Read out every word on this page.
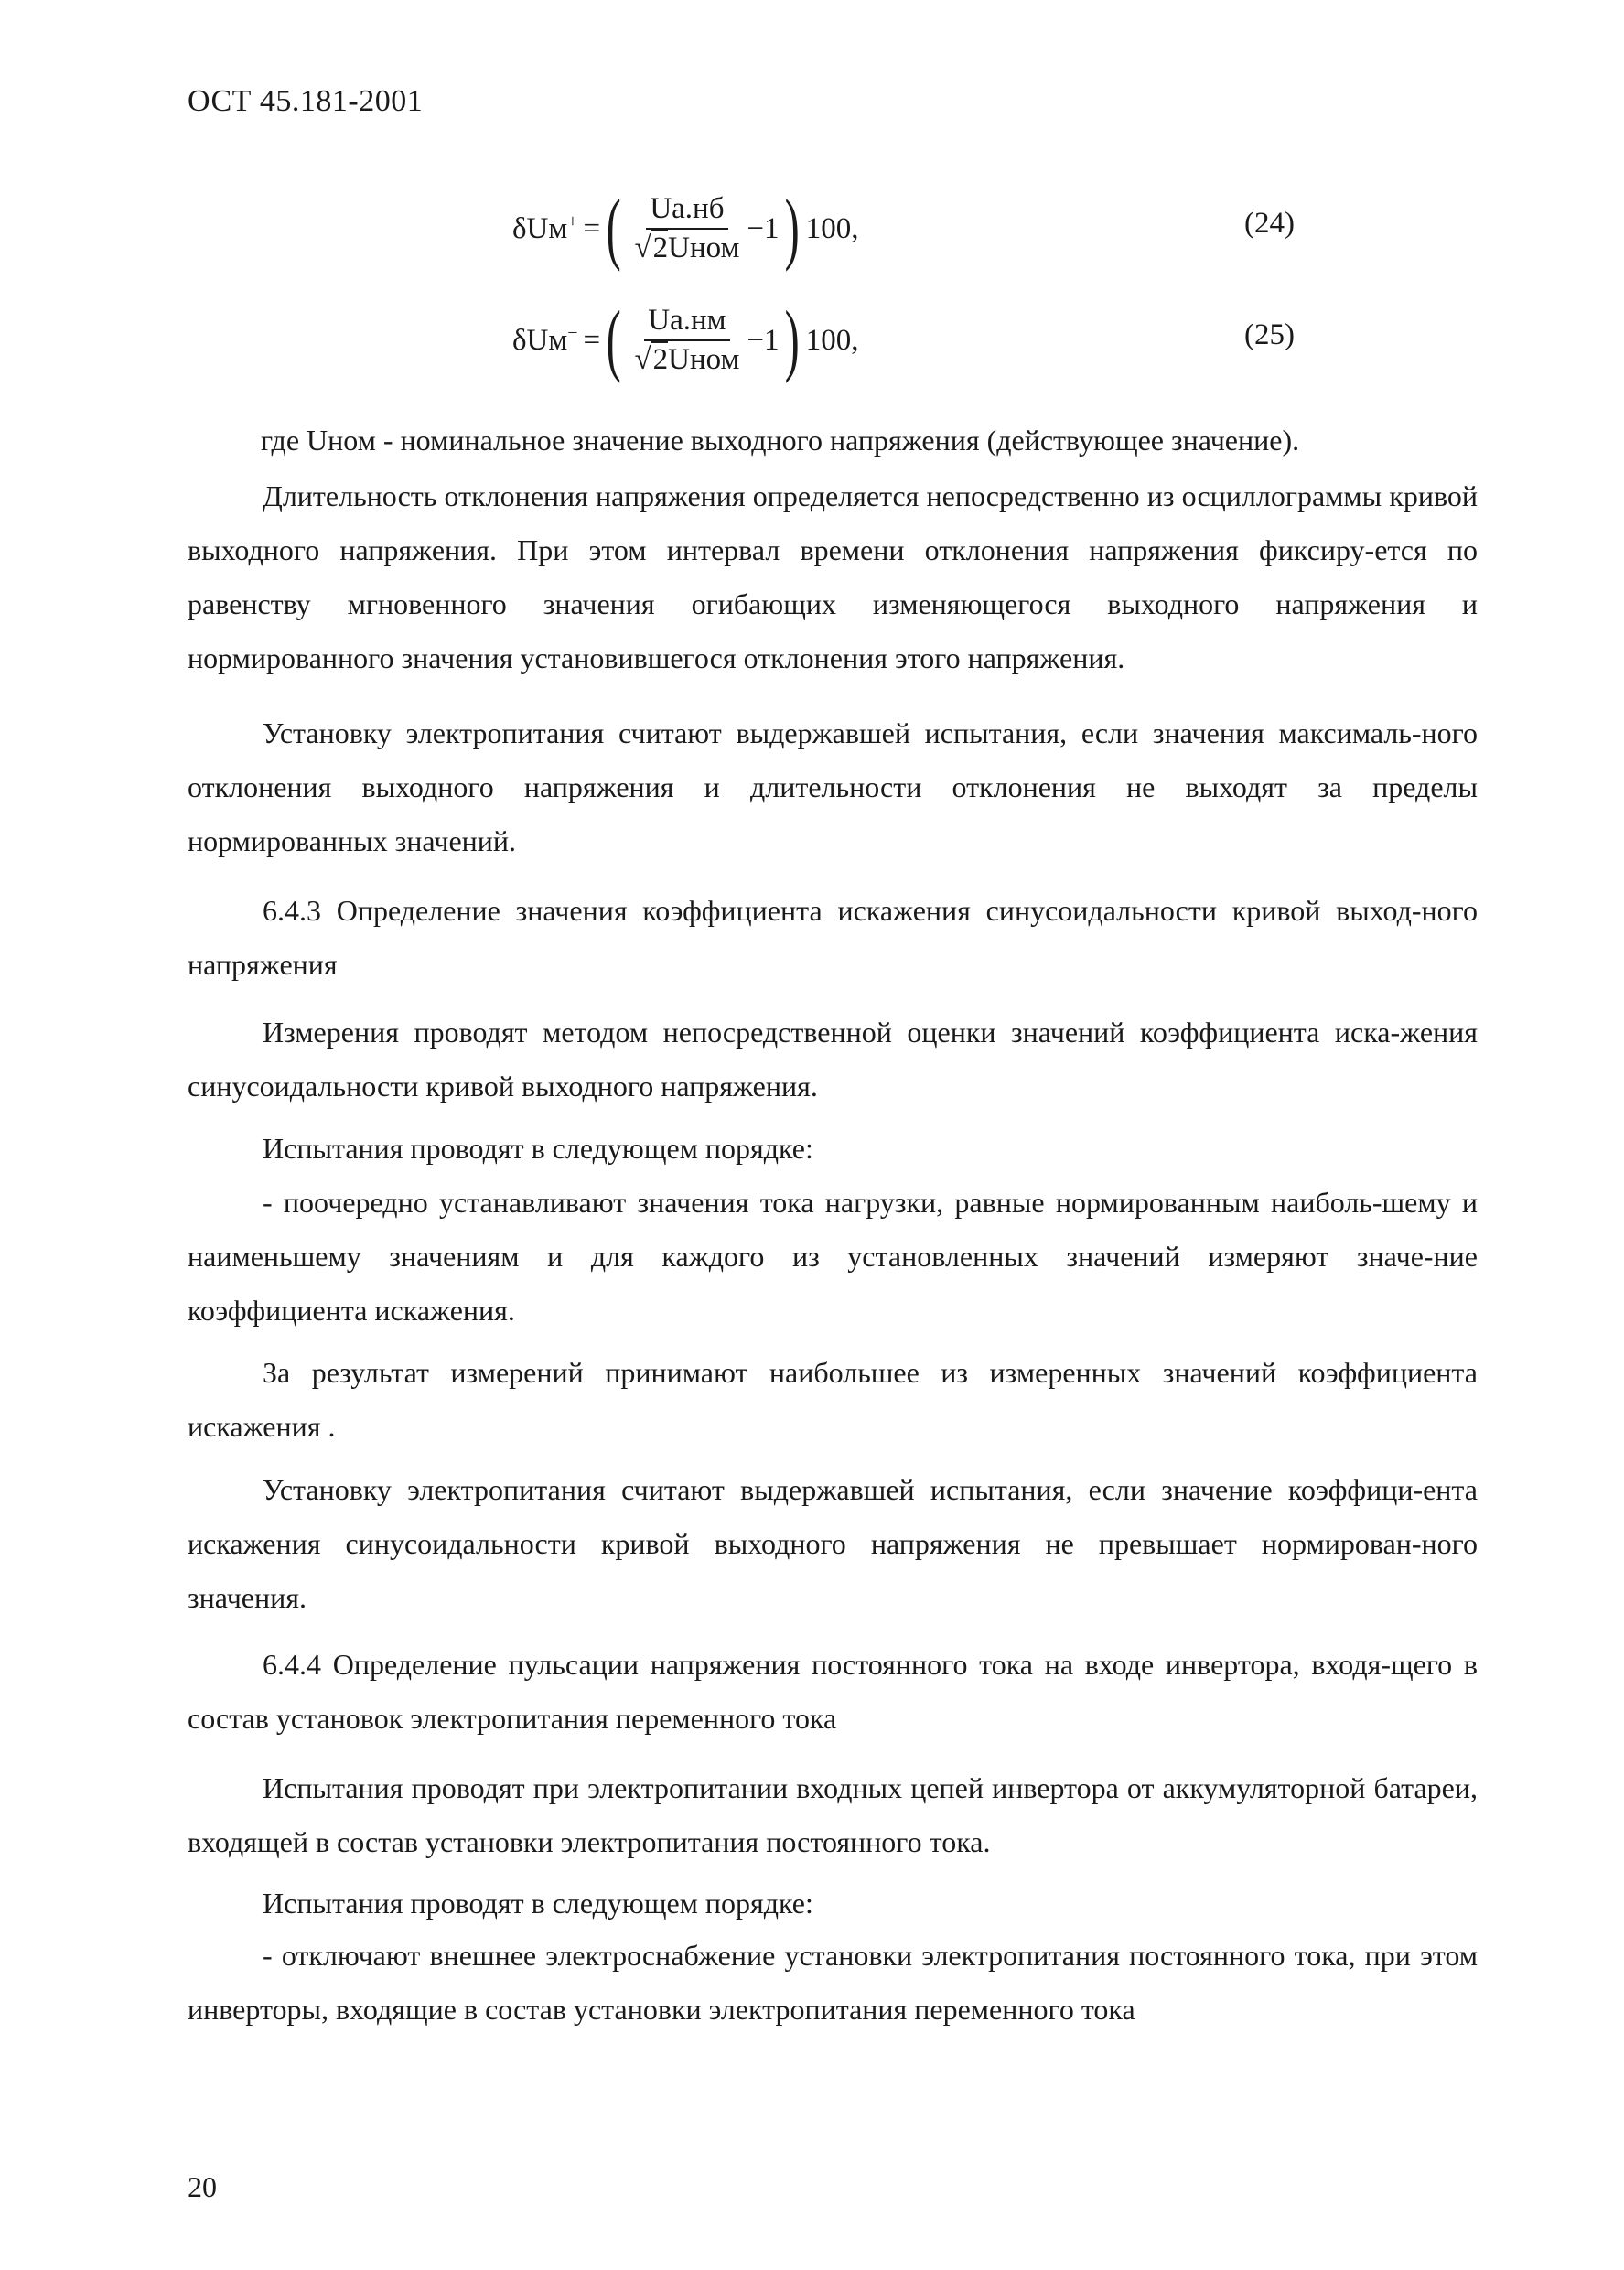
ОСТ 45.181-2001
δUм+ = ( $\frac{Uа.нб}{\text{√2Uном}} -1$ ) 100,	(24)
δUм− = ( $\frac{Uа.нм}{\text{√2Uном}} -1$ ) 100,	(25)

где Uном - номинальное значение выходного напряжения (действующее значение).

Длительность отклонения напряжения определяется непосредственно из осциллограммы кривой выходного напряжения. При этом интервал времени отклонения напряжения фиксиру-ется по равенству мгновенного значения огибающих изменяющегося выходного напряжения и нормированного значения установившегося отклонения этого напряжения.

Установку электропитания считают выдержавшей испытания, если значения максималь-ного отклонения выходного напряжения и длительности отклонения не выходят за пределы нормированных значений.

6.4.3 Определение значения коэффициента искажения синусоидальности кривой выход-ного напряжения

Измерения проводят методом непосредственной оценки значений коэффициента иска-жения синусоидальности кривой выходного напряжения.

Испытания проводят в следующем порядке:

- поочередно устанавливают значения тока нагрузки, равные нормированным наиболь-шему и наименьшему значениям и для каждого из установленных значений измеряют значе-ние коэффициента искажения.

За результат измерений принимают наибольшее из измеренных значений коэффициента искажения .

Установку электропитания считают выдержавшей испытания, если значение коэффици-ента искажения синусоидальности кривой выходного напряжения не превышает нормирован-ного значения.

6.4.4 Определение пульсации напряжения постоянного тока на входе инвертора, входя-щего в состав установок электропитания переменного тока

Испытания проводят при электропитании входных цепей инвертора от аккумуляторной батареи, входящей в состав установки электропитания постоянного тока.

Испытания проводят в следующем порядке:

- отключают внешнее электроснабжение установки электропитания постоянного тока, при этом инверторы, входящие в состав установки электропитания переменного тока

20
